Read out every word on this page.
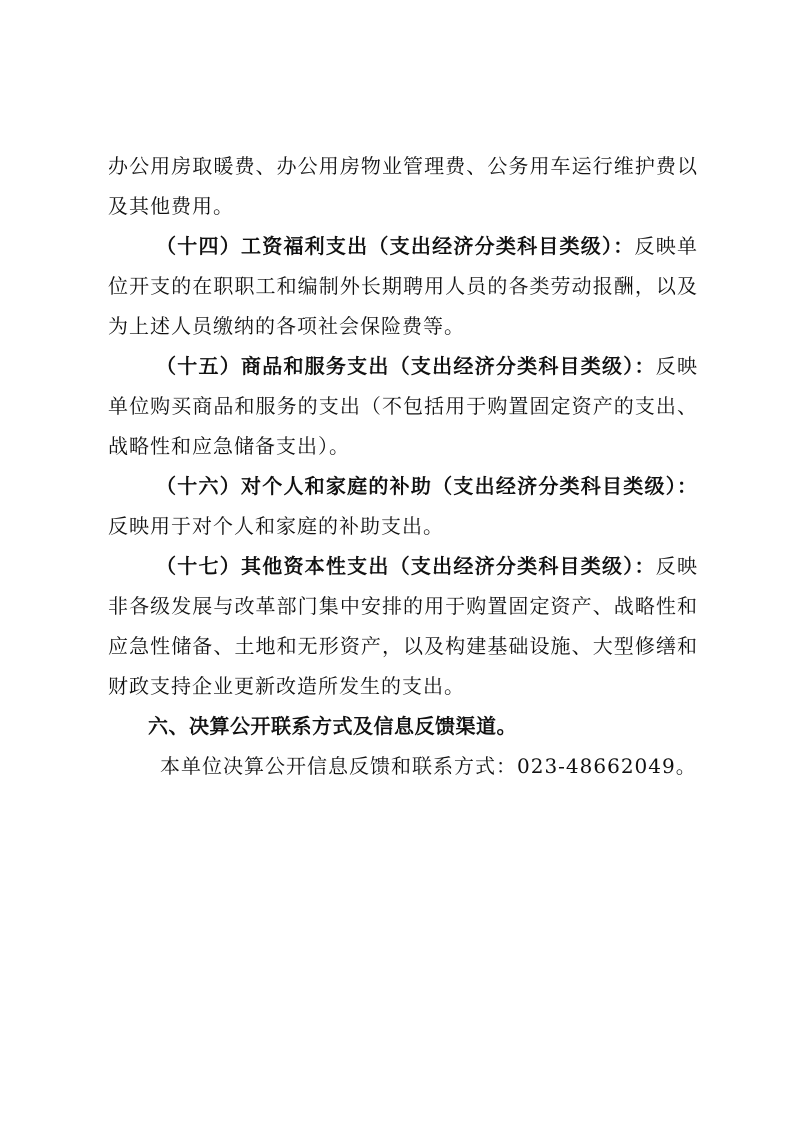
办公用房取暖费、办公用房物业管理费、公务用车运行维护费以及其他费用。

（十四）工资福利支出（支出经济分类科目类级）：反映单位开支的在职职工和编制外长期聘用人员的各类劳动报酬，以及为上述人员缴纳的各项社会保险费等。

（十五）商品和服务支出（支出经济分类科目类级）：反映单位购买商品和服务的支出（不包括用于购置固定资产的支出、战略性和应急储备支出）。

（十六）对个人和家庭的补助（支出经济分类科目类级）：反映用于对个人和家庭的补助支出。

（十七）其他资本性支出（支出经济分类科目类级）：反映非各级发展与改革部门集中安排的用于购置固定资产、战略性和应急性储备、土地和无形资产，以及构建基础设施、大型修缮和财政支持企业更新改造所发生的支出。

六、决算公开联系方式及信息反馈渠道。

本单位决算公开信息反馈和联系方式：023-48662049。
